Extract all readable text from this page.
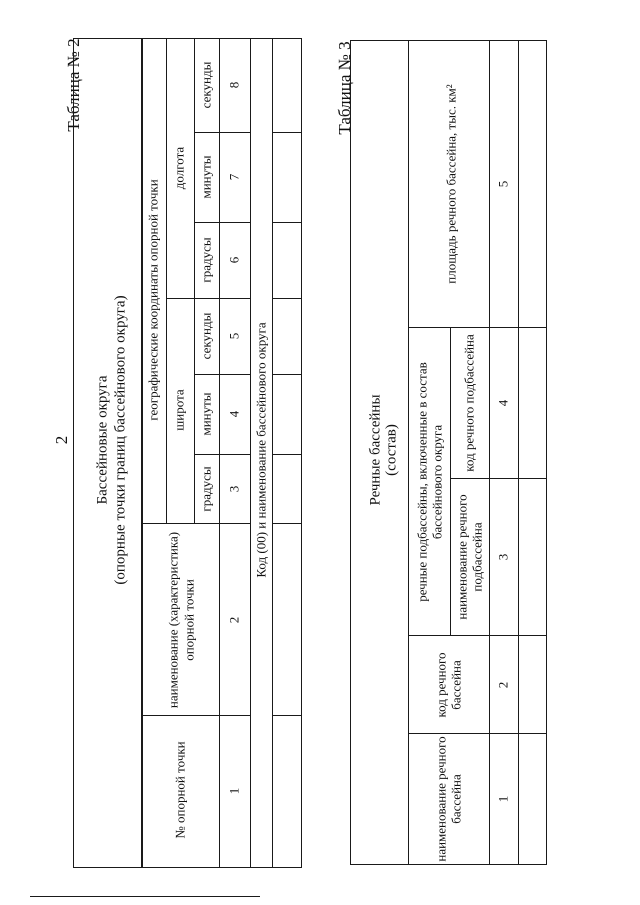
2
Таблица № 2
Бассейновые округа (опорные точки границ бассейнового округа)
№ опорной точки
наименование (характеристика) опорной точки
географические координаты опорной точки широта
долгота
градусы
минуты
секунды
градусы
минуты
секунды
1
2
3
4
5
6
7
8
Код (00) и наименование бассейнового округа
Таблица № 3
Речные бассейны (состав)
наименование речного бассейна
код речного бассейна
речные подбассейны, включенные в состав бассейнового округа
наименование речного подбассейна
код речного подбассейна
площадь речного бассейна, тыс. км²
1
2
3
4
5
